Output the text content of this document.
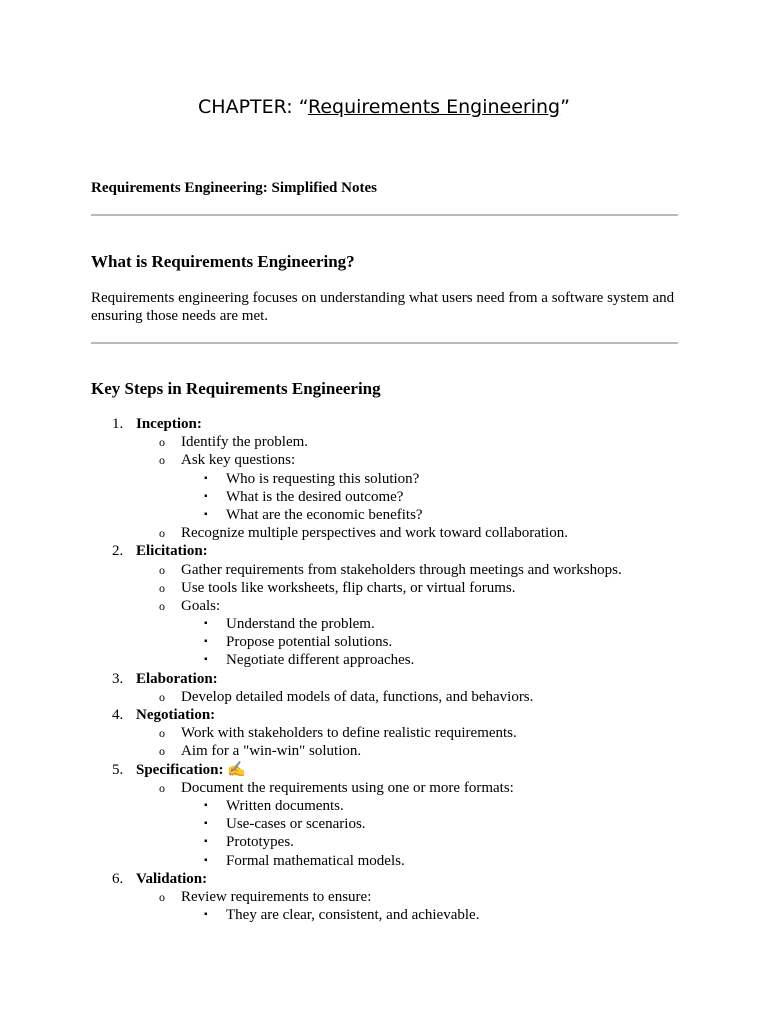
CHAPTER: “Requirements Engineering”
Requirements Engineering: Simplified Notes
What is Requirements Engineering?
Requirements engineering focuses on understanding what users need from a software system and ensuring those needs are met.
Key Steps in Requirements Engineering
1. Inception:
o Identify the problem.
o Ask key questions:
▪ Who is requesting this solution?
▪ What is the desired outcome?
▪ What are the economic benefits?
o Recognize multiple perspectives and work toward collaboration.
2. Elicitation:
o Gather requirements from stakeholders through meetings and workshops.
o Use tools like worksheets, flip charts, or virtual forums.
o Goals:
▪ Understand the problem.
▪ Propose potential solutions.
▪ Negotiate different approaches.
3. Elaboration:
o Develop detailed models of data, functions, and behaviors.
4. Negotiation:
o Work with stakeholders to define realistic requirements.
o Aim for a "win-win" solution.
5. Specification: ✍
o Document the requirements using one or more formats:
▪ Written documents.
▪ Use-cases or scenarios.
▪ Prototypes.
▪ Formal mathematical models.
6. Validation:
o Review requirements to ensure:
▪ They are clear, consistent, and achievable.
